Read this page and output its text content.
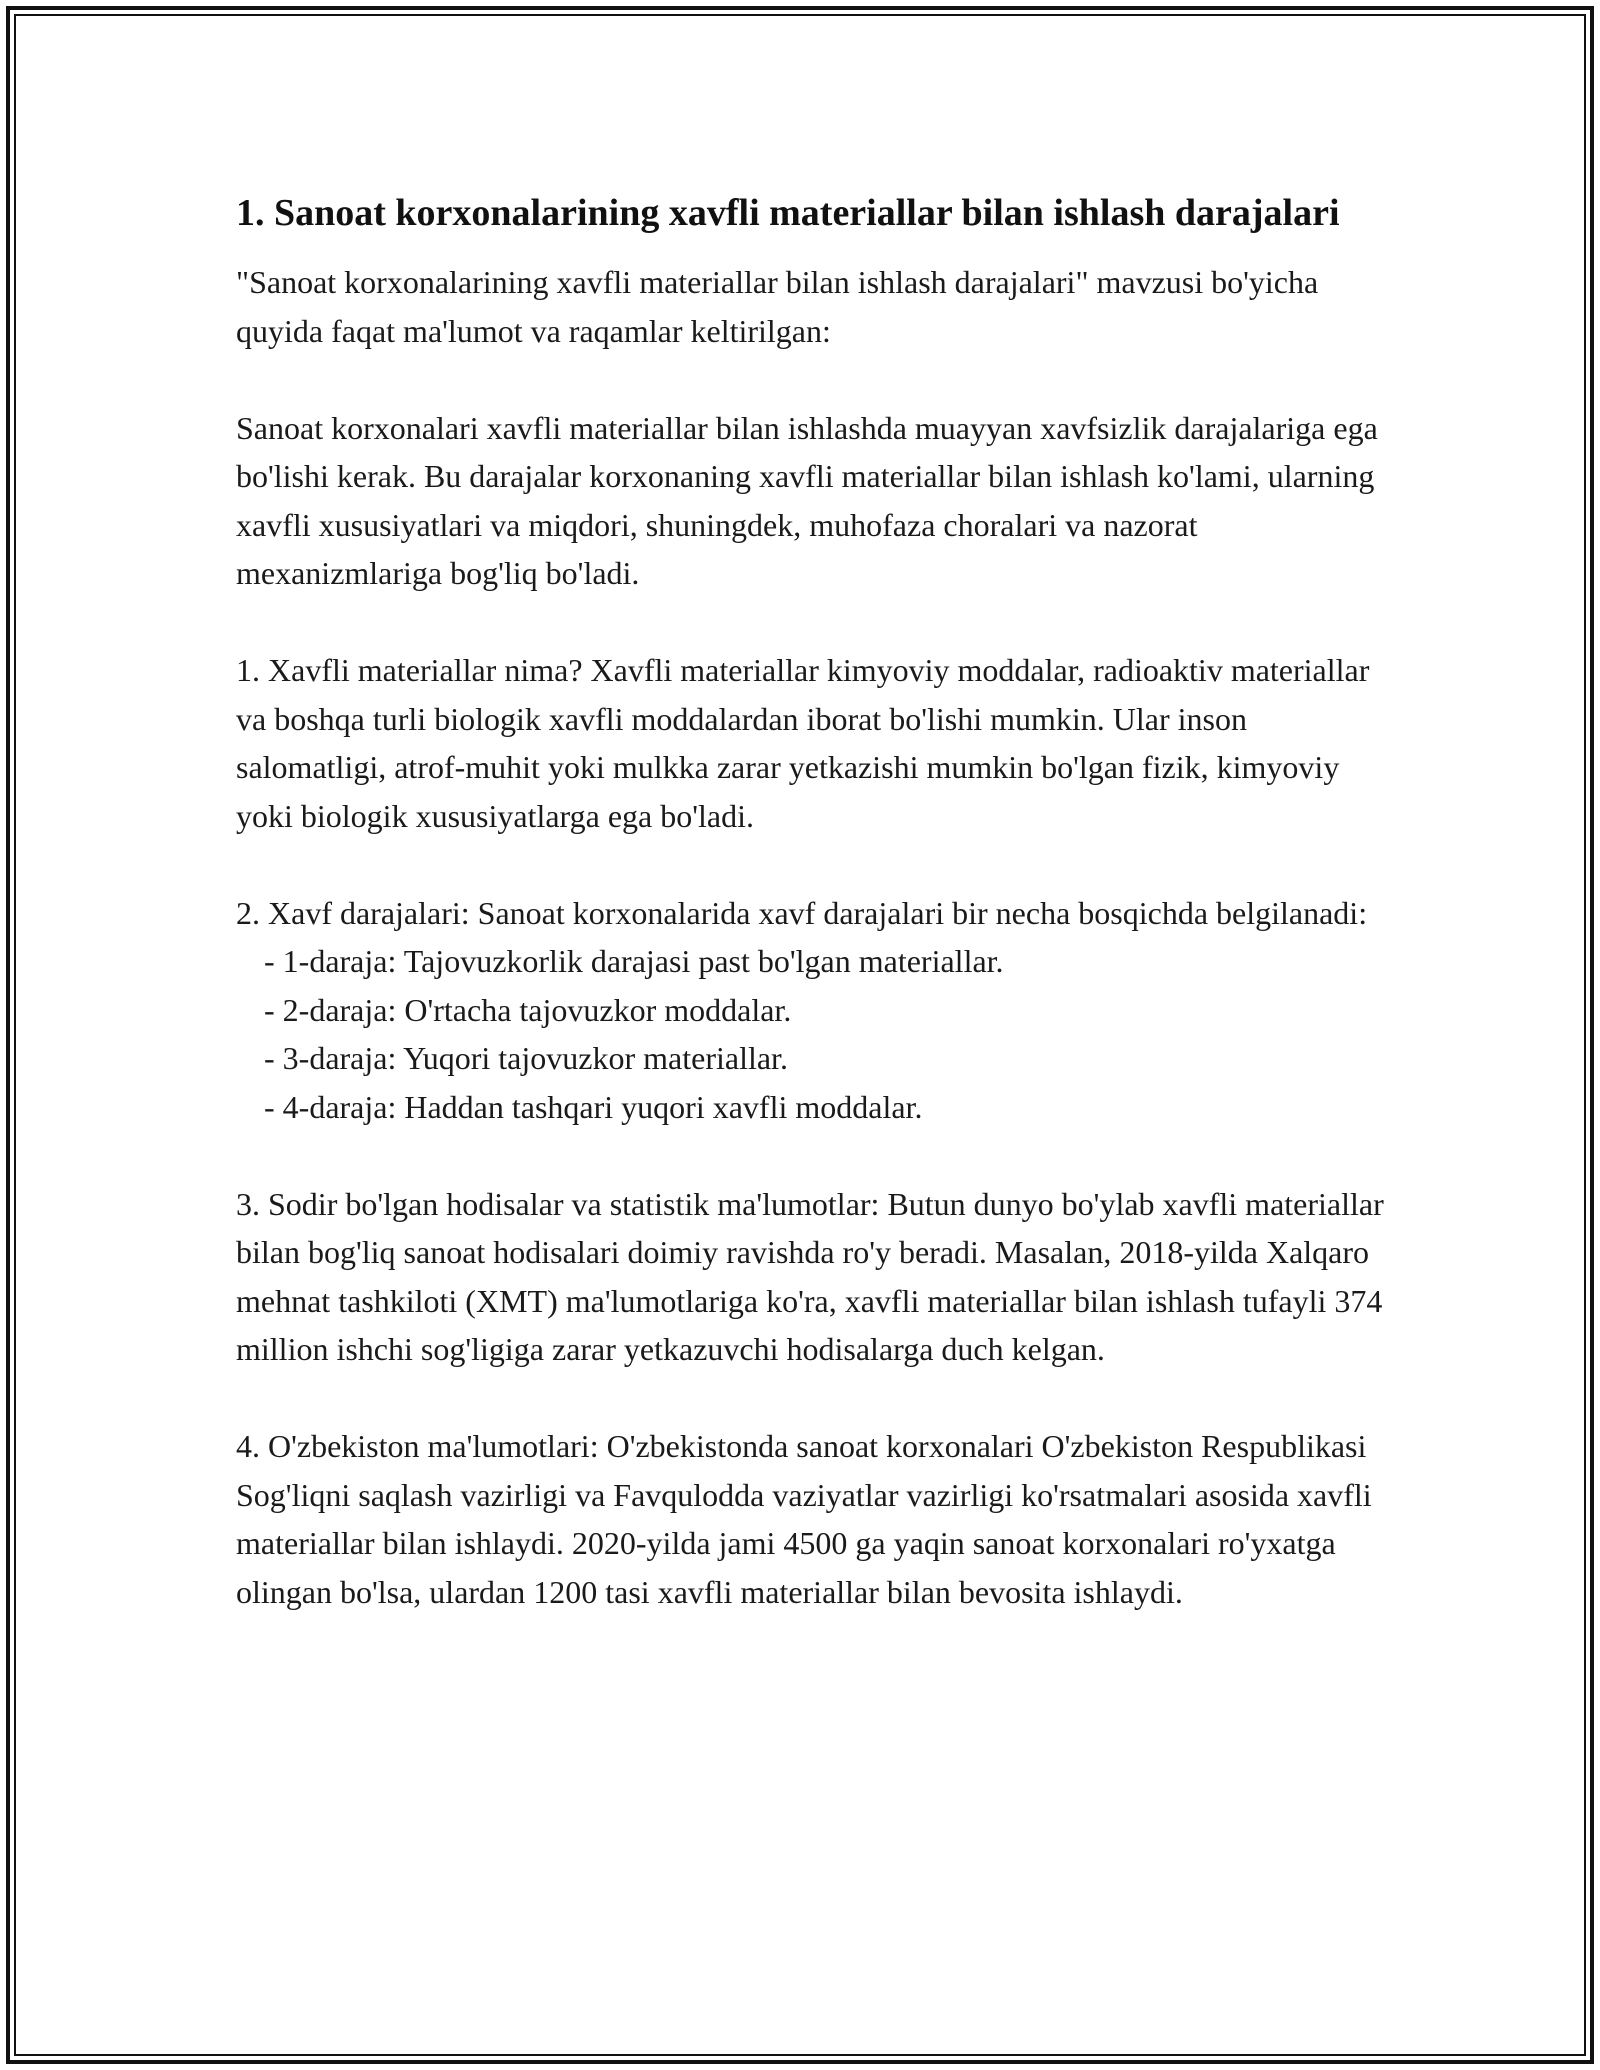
1. Sanoat korxonalarining xavfli materiallar bilan ishlash darajalari

"Sanoat korxonalarining xavfli materiallar bilan ishlash darajalari" mavzusi bo'yicha quyida faqat ma'lumot va raqamlar keltirilgan:

Sanoat korxonalari xavfli materiallar bilan ishlashda muayyan xavfsizlik darajalariga ega bo'lishi kerak. Bu darajalar korxonaning xavfli materiallar bilan ishlash ko'lami, ularning xavfli xususiyatlari va miqdori, shuningdek, muhofaza choralari va nazorat mexanizmlariga bog'liq bo'ladi.

1. Xavfli materiallar nima? Xavfli materiallar kimyoviy moddalar, radioaktiv materiallar va boshqa turli biologik xavfli moddalardan iborat bo'lishi mumkin. Ular inson salomatligi, atrof-muhit yoki mulkka zarar yetkazishi mumkin bo'lgan fizik, kimyoviy yoki biologik xususiyatlarga ega bo'ladi.

2. Xavf darajalari: Sanoat korxonalarida xavf darajalari bir necha bosqichda belgilanadi:
- 1-daraja: Tajovuzkorlik darajasi past bo'lgan materiallar.
- 2-daraja: O'rtacha tajovuzkor moddalar.
- 3-daraja: Yuqori tajovuzkor materiallar.
- 4-daraja: Haddan tashqari yuqori xavfli moddalar.

3. Sodir bo'lgan hodisalar va statistik ma'lumotlar: Butun dunyo bo'ylab xavfli materiallar bilan bog'liq sanoat hodisalari doimiy ravishda ro'y beradi. Masalan, 2018-yilda Xalqaro mehnat tashkiloti (XMT) ma'lumotlariga ko'ra, xavfli materiallar bilan ishlash tufayli 374 million ishchi sog'ligiga zarar yetkazuvchi hodisalarga duch kelgan.

4. O'zbekiston ma'lumotlari: O'zbekistonda sanoat korxonalari O'zbekiston Respublikasi Sog'liqni saqlash vazirligi va Favqulodda vaziyatlar vazirligi ko'rsatmalari asosida xavfli materiallar bilan ishlaydi. 2020-yilda jami 4500 ga yaqin sanoat korxonalari ro'yxatga olingan bo'lsa, ulardan 1200 tasi xavfli materiallar bilan bevosita ishlaydi.
